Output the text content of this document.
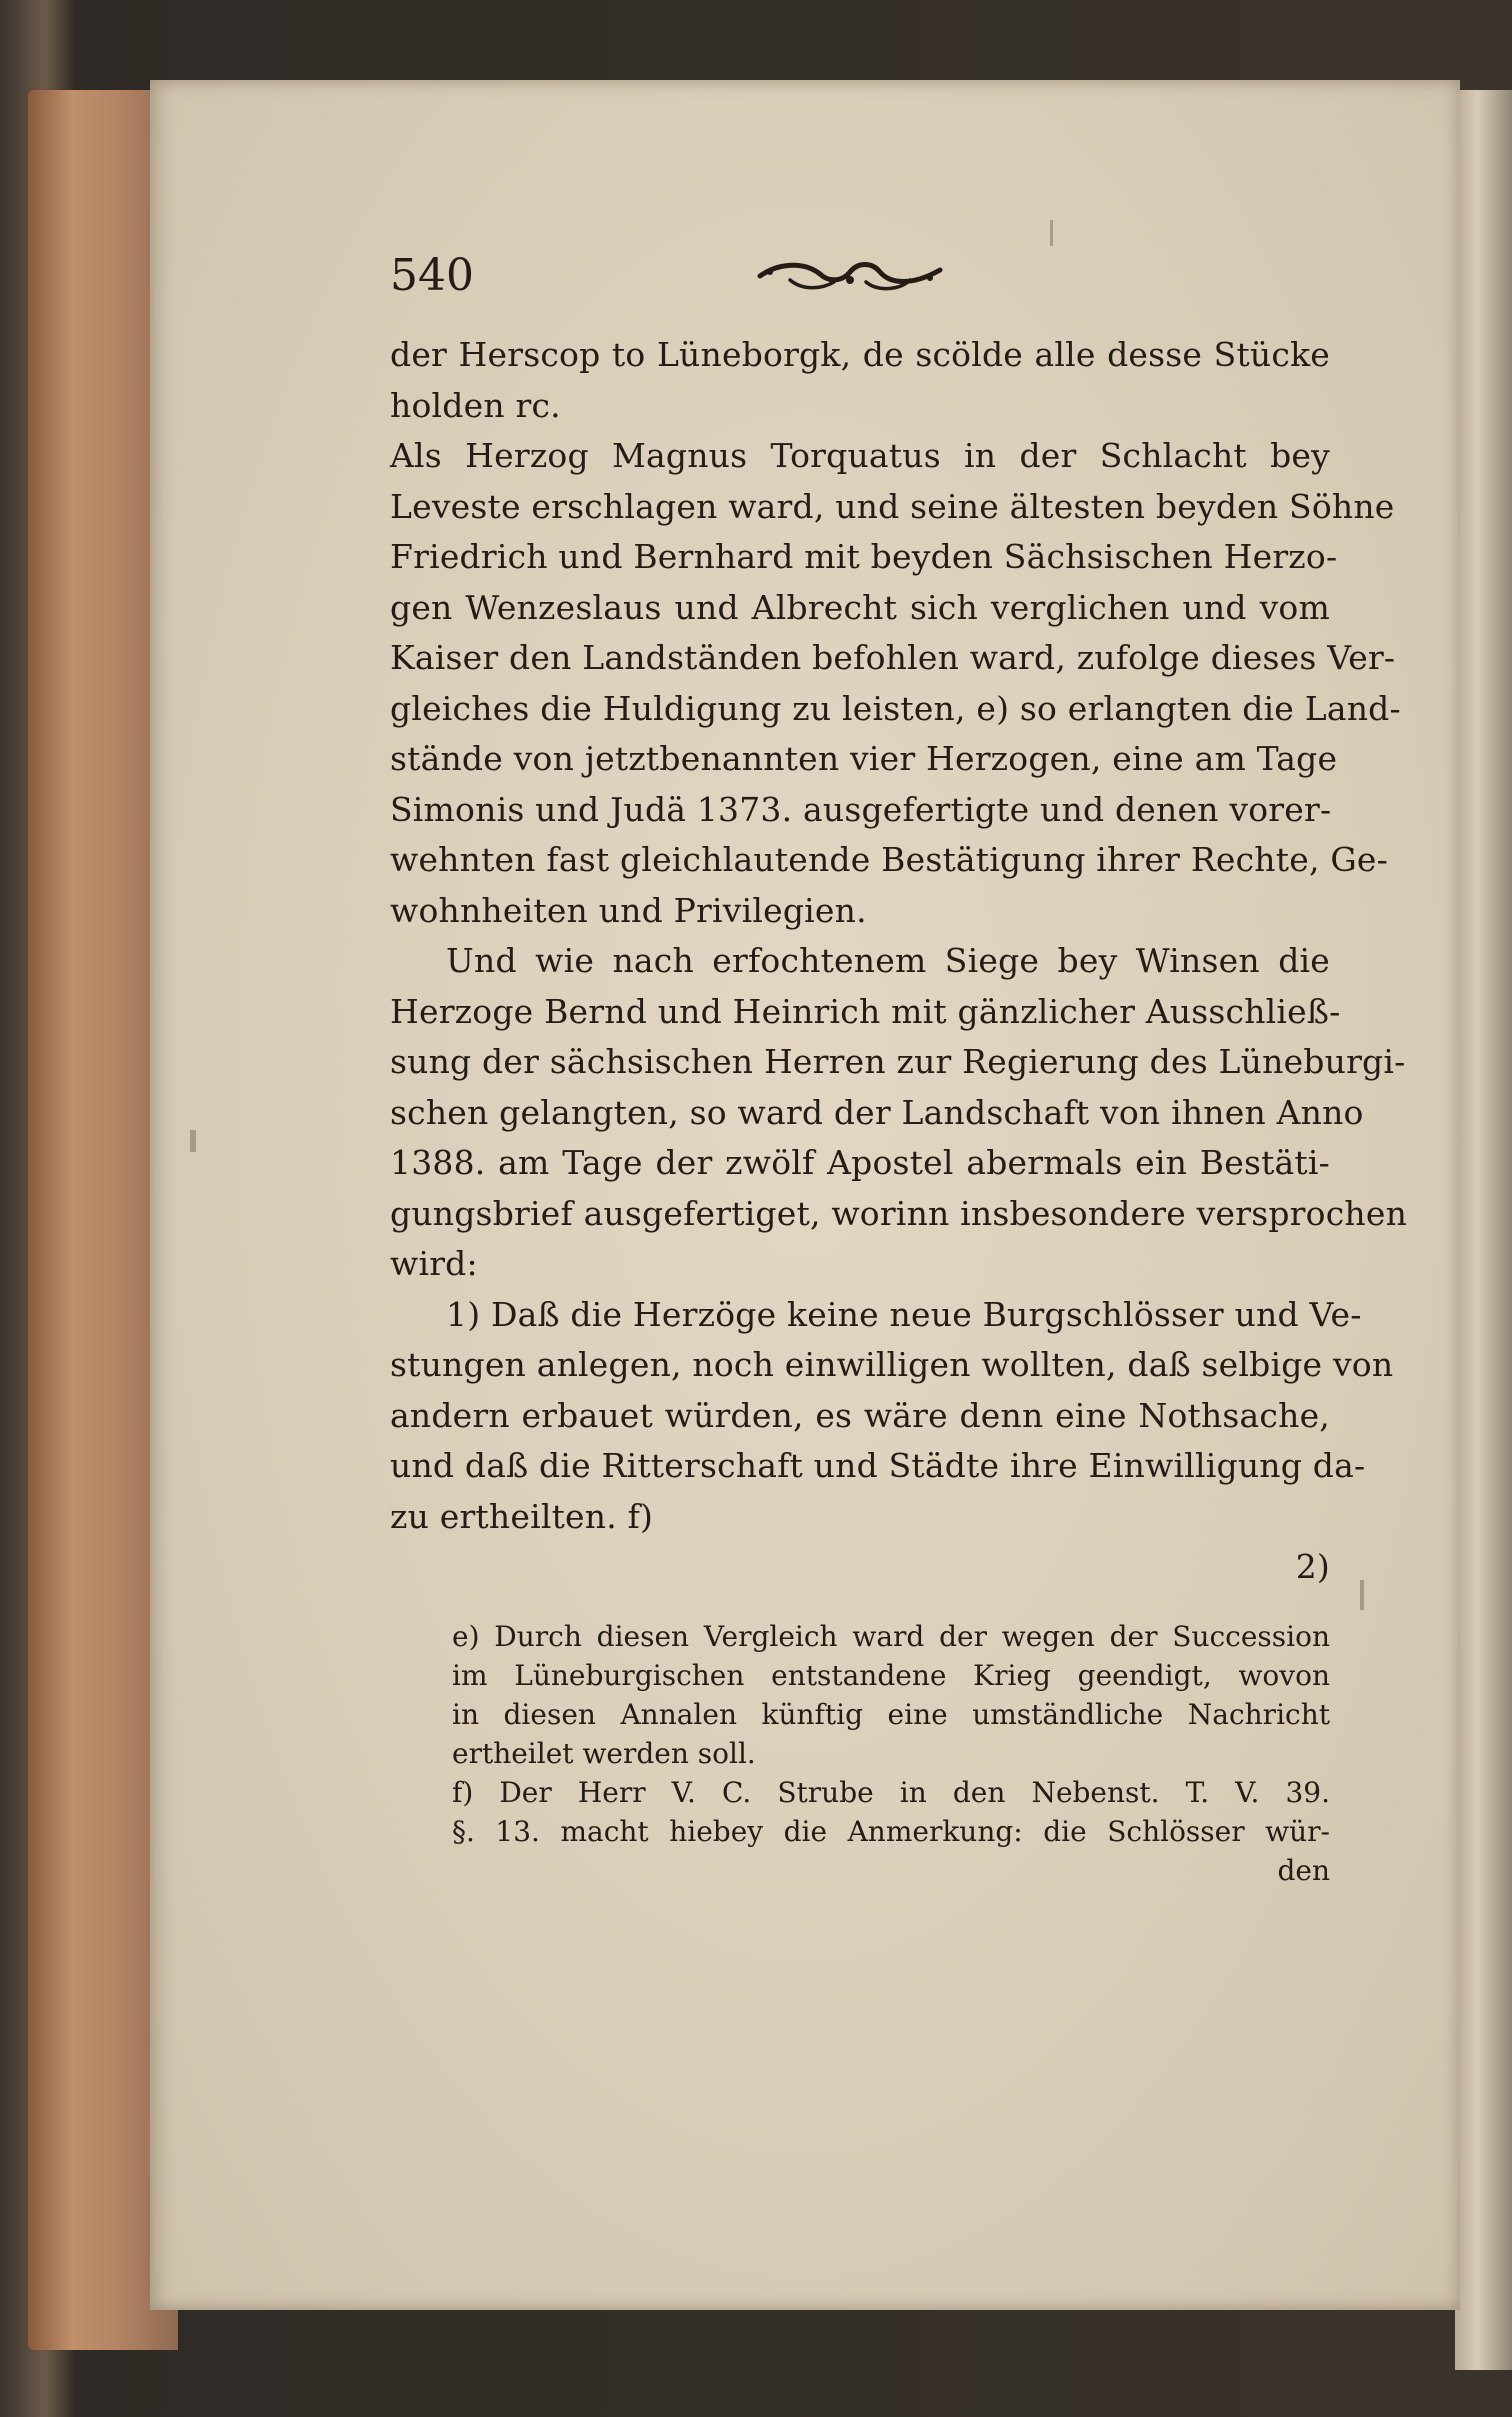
540
der Herscop to Lüneborgk, de scölde alle desse Stücke
holden rc.
Als Herzog Magnus Torquatus in der Schlacht bey
Leveste erschlagen ward, und seine ältesten beyden Söhne
Friedrich und Bernhard mit beyden Sächsischen Herzo-
gen Wenzeslaus und Albrecht sich verglichen und vom
Kaiser den Landständen befohlen ward, zufolge dieses Ver-
gleiches die Huldigung zu leisten, e) so erlangten die Land-
stände von jetztbenannten vier Herzogen, eine am Tage
Simonis und Judä 1373. ausgefertigte und denen vorer-
wehnten fast gleichlautende Bestätigung ihrer Rechte, Ge-
wohnheiten und Privilegien.
Und wie nach erfochtenem Siege bey Winsen die
Herzoge Bernd und Heinrich mit gänzlicher Ausschließ-
sung der sächsischen Herren zur Regierung des Lüneburgi-
schen gelangten, so ward der Landschaft von ihnen Anno
1388. am Tage der zwölf Apostel abermals ein Bestäti-
gungsbrief ausgefertiget, worinn insbesondere versprochen
wird:
1) Daß die Herzöge keine neue Burgschlösser und Ve-
stungen anlegen, noch einwilligen wollten, daß selbige von
andern erbauet würden, es wäre denn eine Nothsache,
und daß die Ritterschaft und Städte ihre Einwilligung da-
zu ertheilten. f)
2)
e) Durch diesen Vergleich ward der wegen der Succession
im Lüneburgischen entstandene Krieg geendigt, wovon
in diesen Annalen künftig eine umständliche Nachricht
ertheilet werden soll.
f) Der Herr V. C. Strube in den Nebenst. T. V. 39.
§. 13. macht hiebey die Anmerkung: die Schlösser wür-
den
